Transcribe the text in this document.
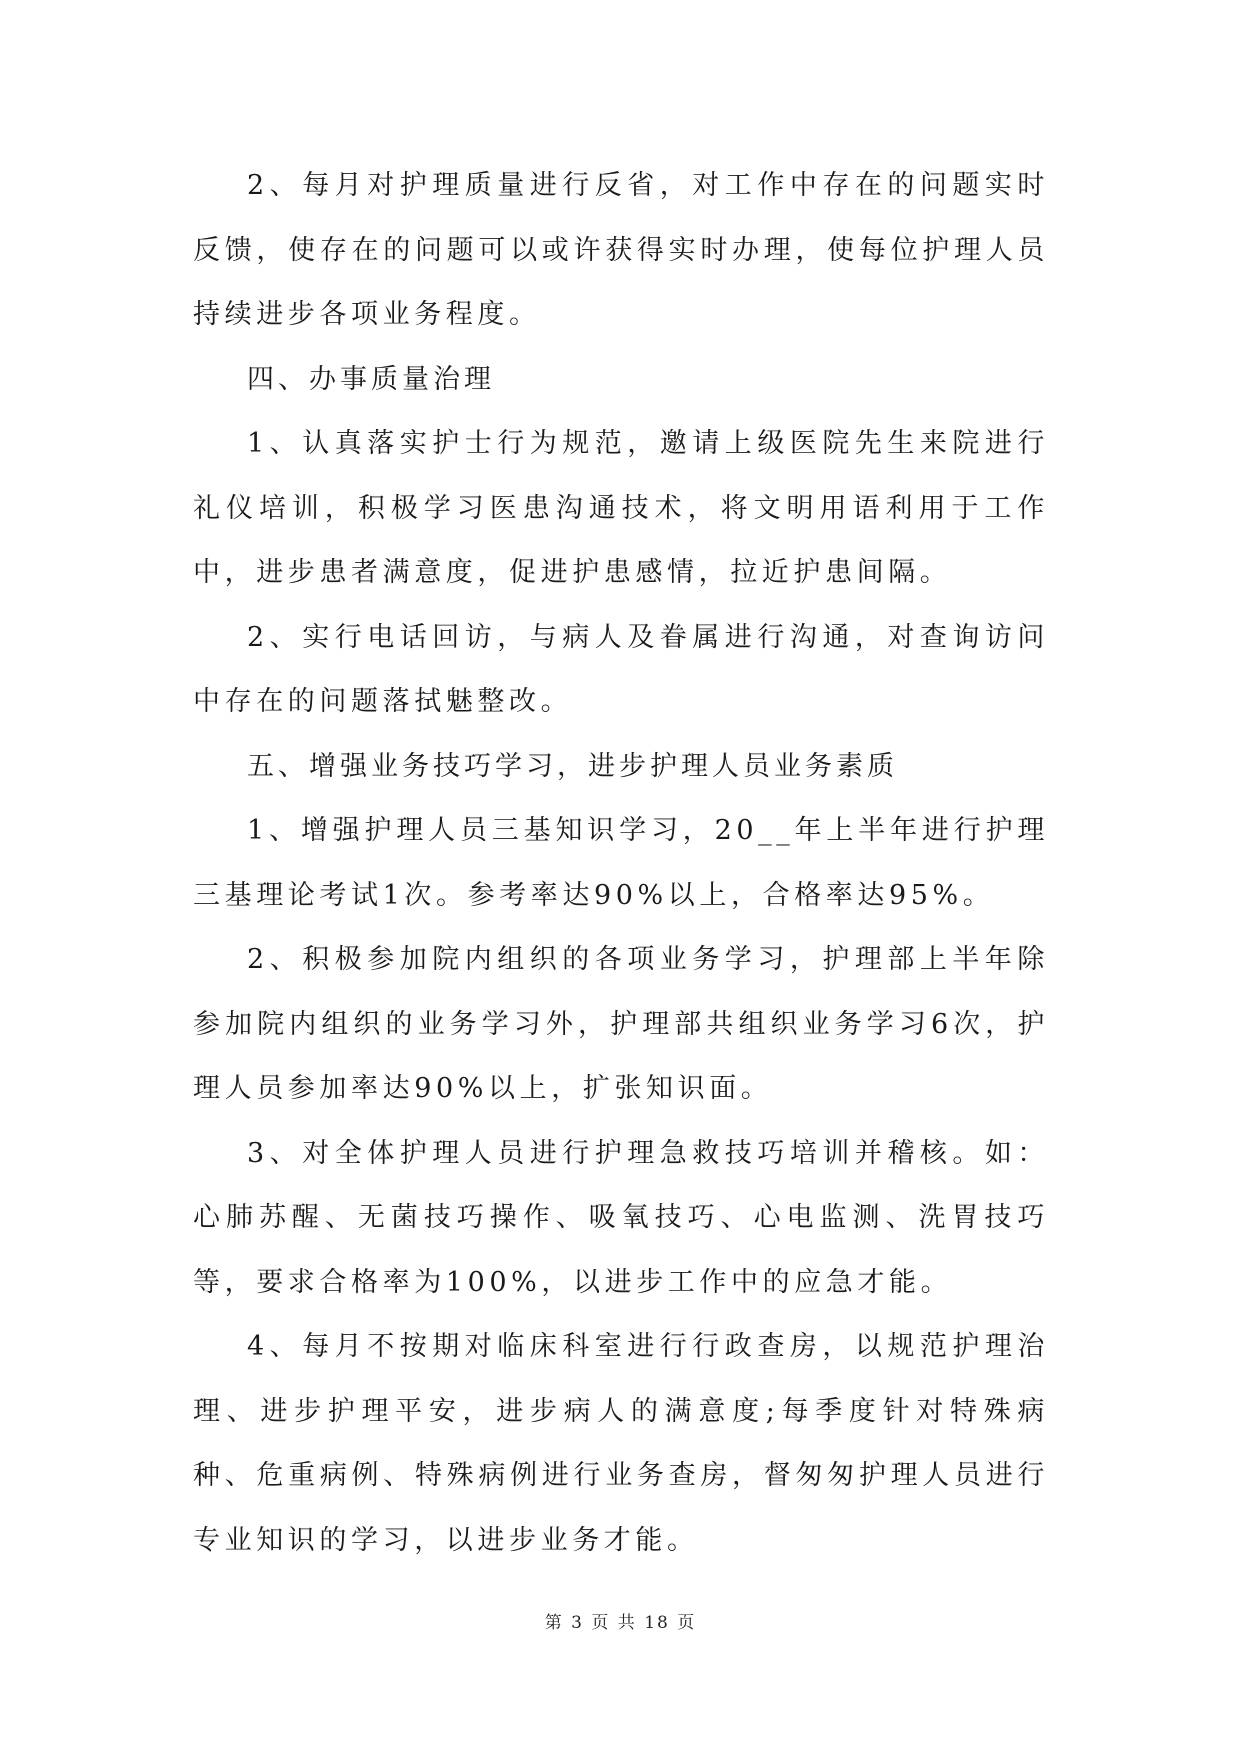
2、每月对护理质量进行反省，对工作中存在的问题实时反馈，使存在的问题可以或许获得实时办理，使每位护理人员持续进步各项业务程度。

四、办事质量治理

1、认真落实护士行为规范，邀请上级医院先生来院进行礼仪培训，积极学习医患沟通技术，将文明用语利用于工作中，进步患者满意度，促进护患感情，拉近护患间隔。

2、实行电话回访，与病人及眷属进行沟通，对查询访问中存在的问题落拭魅整改。

五、增强业务技巧学习，进步护理人员业务素质

1、增强护理人员三基知识学习，20__年上半年进行护理三基理论考试1次。参考率达90%以上，合格率达95%。

2、积极参加院内组织的各项业务学习，护理部上半年除参加院内组织的业务学习外，护理部共组织业务学习6次，护理人员参加率达90%以上，扩张知识面。

3、对全体护理人员进行护理急救技巧培训并稽核。如：心肺苏醒、无菌技巧操作、吸氧技巧、心电监测、洗胃技巧等，要求合格率为100%，以进步工作中的应急才能。

4、每月不按期对临床科室进行行政查房，以规范护理治理、进步护理平安，进步病人的满意度;每季度针对特殊病种、危重病例、特殊病例进行业务查房，督匆匆护理人员进行专业知识的学习，以进步业务才能。

第 3 页 共 18 页
